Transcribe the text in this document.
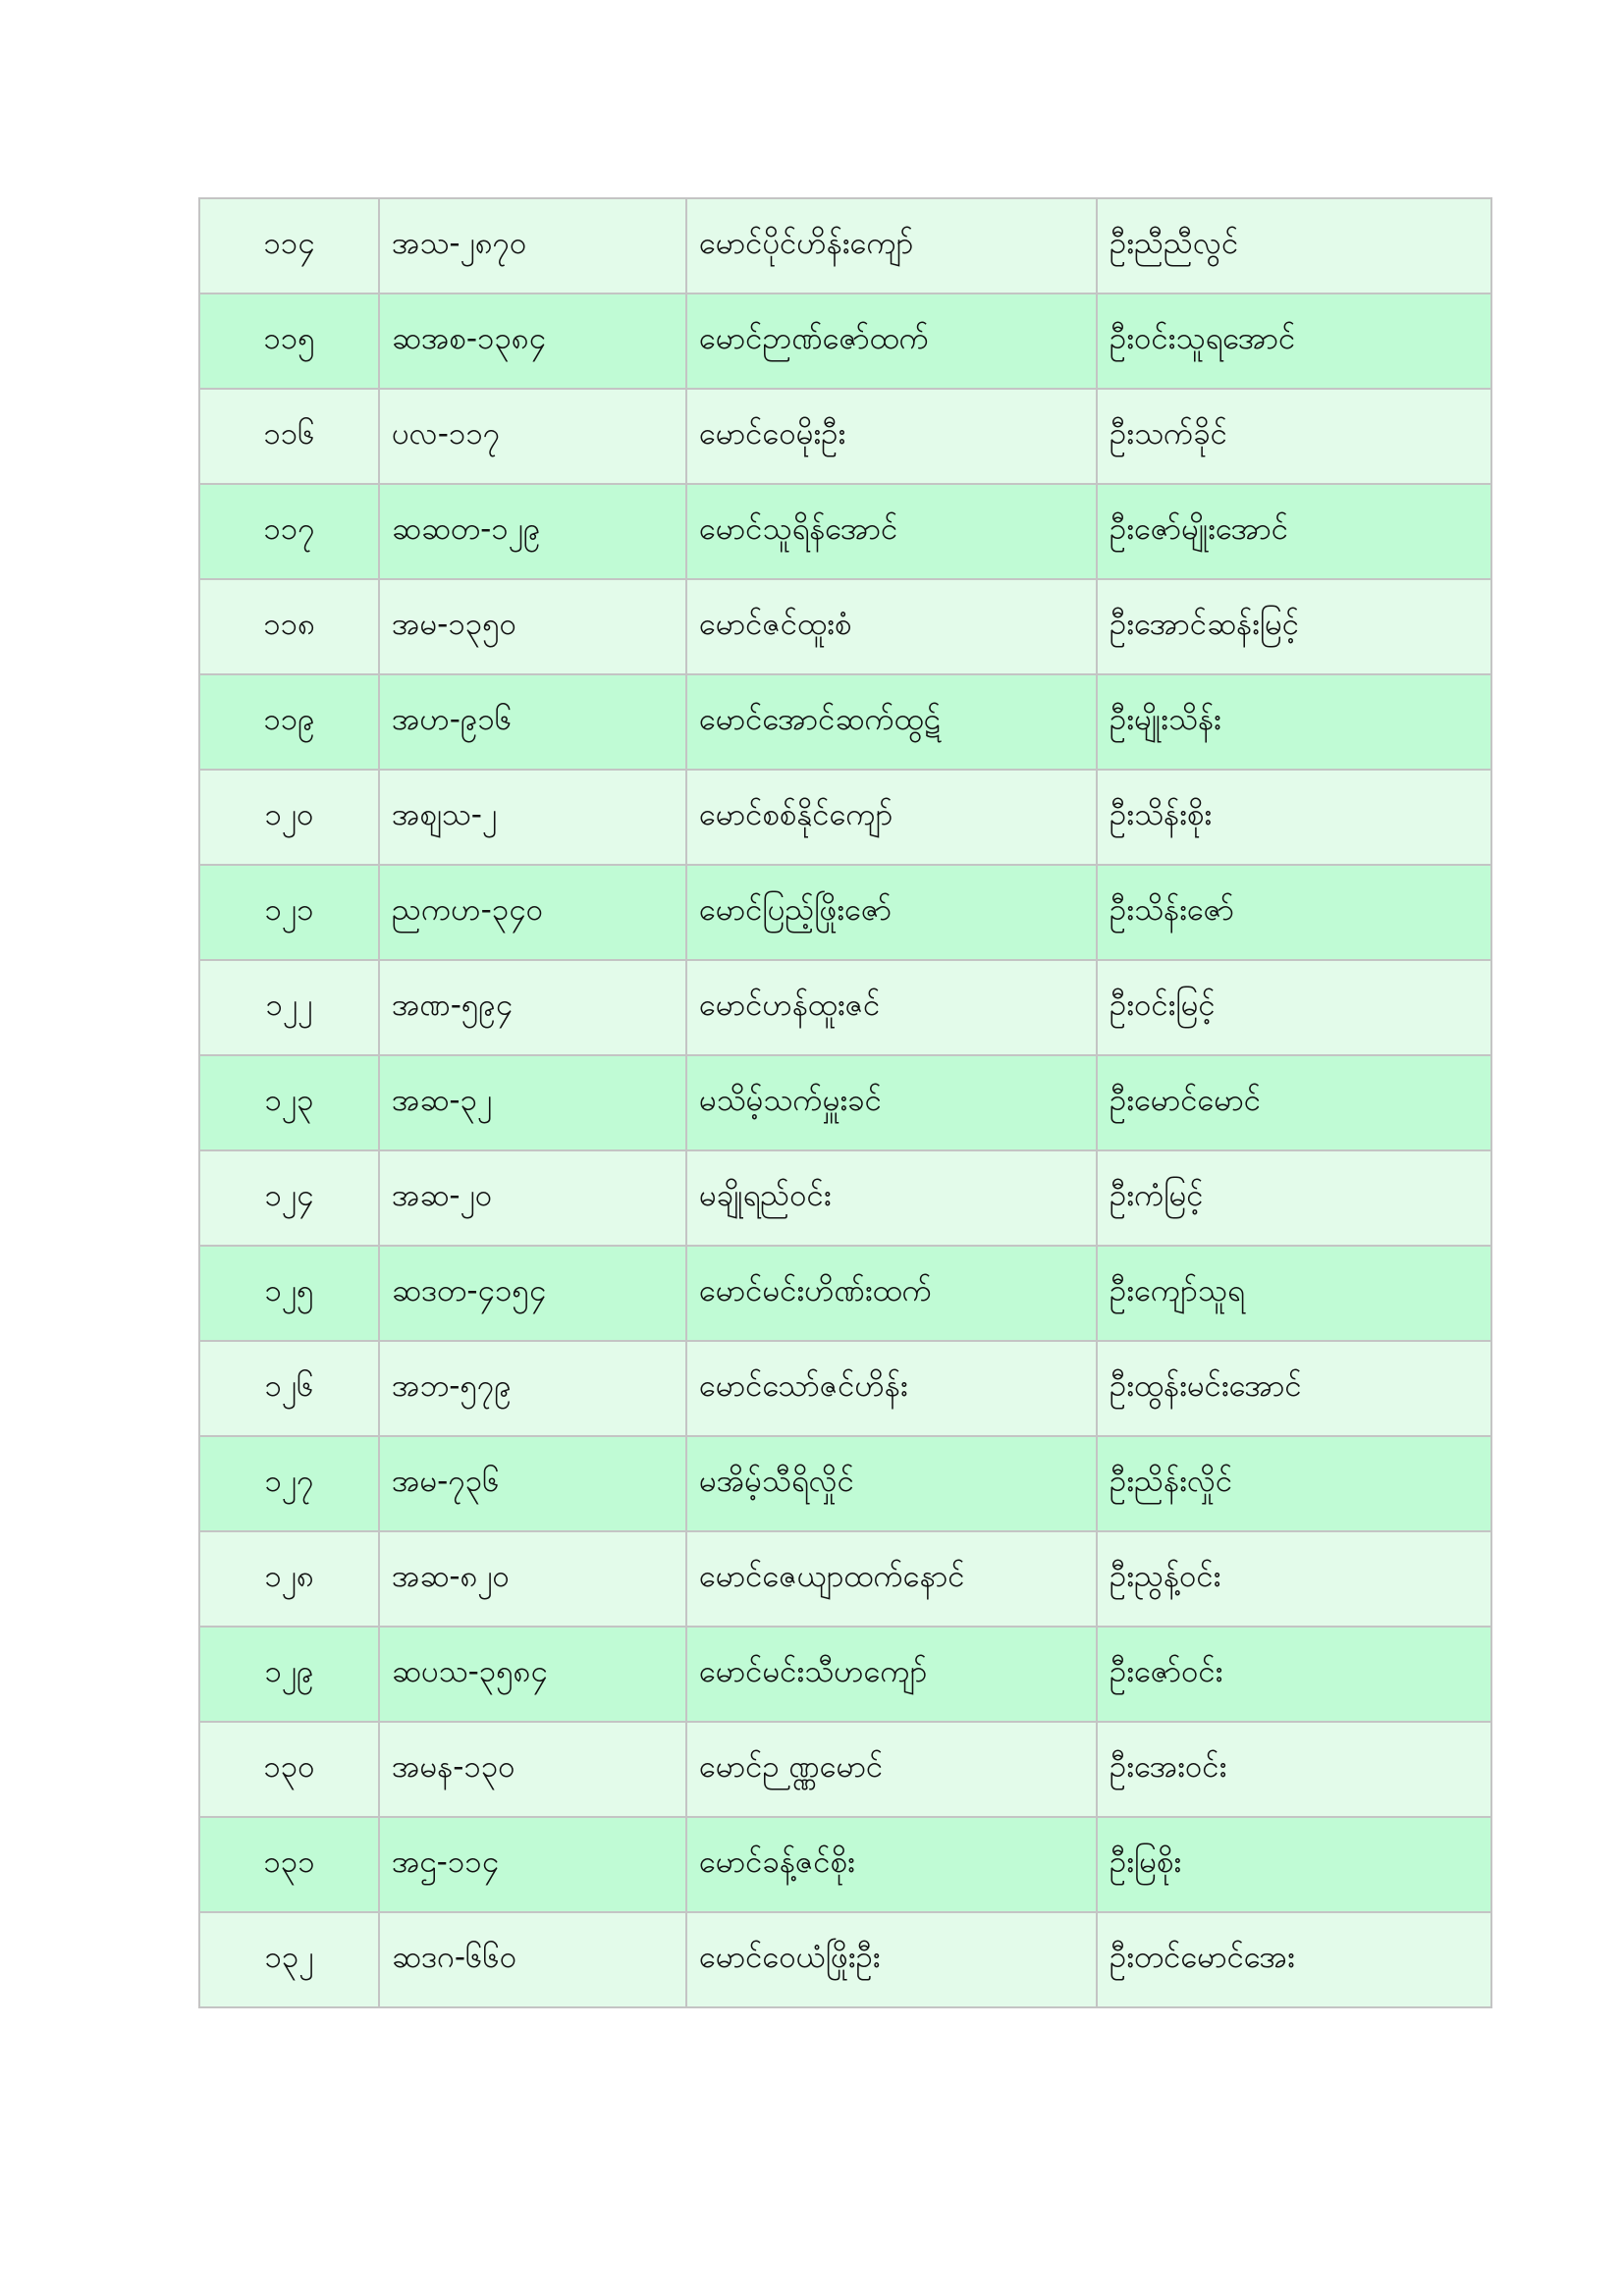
၁၁၄	အသ-၂၈၇၀	မောင်ပိုင်ဟိန်းကျော်	ဦးညီညီလွင်
၁၁၅	ဆအစ-၁၃၈၄	မောင်ဉာဏ်ဇော်ထက်	ဦးဝင်းသူရအောင်
၁၁၆	ပလ-၁၁၇	မောင်ဝေမိုးဦး	ဦးသက်ခိုင်
၁၁၇	ဆဆတ-၁၂၉	မောင်သူရိန်အောင်	ဦးဇော်မျိုးအောင်
၁၁၈	အမ-၁၃၅၀	မောင်ဇင်ထူးစံ	ဦးအောင်ဆန်းမြင့်
၁၁၉	အဟ-၉၁၆	မောင်အောင်ဆက်ထွဋ်	ဦးမျိုးသိန်း
၁၂၀	အစျသ-၂	မောင်စစ်နိုင်ကျော်	ဦးသိန်းစိုး
၁၂၁	ညကဟ-၃၄၀	မောင်ပြည့်ဖြိုးဇော်	ဦးသိန်းဇော်
၁၂၂	အဏ-၅၉၄	မောင်ဟန်ထူးဇင်	ဦးဝင်းမြင့်
၁၂၃	အဆ-၃၂	မသိမ့်သက်မှူးခင်	ဦးမောင်မောင်
၁၂၄	အဆ-၂၀	မချိုရည်ဝင်း	ဦးကံမြင့်
၁၂၅	ဆဒတ-၄၁၅၄	မောင်မင်းဟိဏ်းထက်	ဦးကျော်သူရ
၁၂၆	အဘ-၅၇၉	မောင်သော်ဇင်ဟိန်း	ဦးထွန်းမင်းအောင်
၁၂၇	အမ-၇၃၆	မအိမ့်သီရိလှိုင်	ဦးညိန်းလှိုင်
၁၂၈	အဆ-၈၂၀	မောင်ဇေယျာထက်နောင်	ဦးညွန့်ဝင်း
၁၂၉	ဆပသ-၃၅၈၄	မောင်မင်းသီဟကျော်	ဦးဇော်ဝင်း
၁၃၀	အမန-၁၃၀	မောင်ဉ ဏ္ဏမောင်	ဦးအေးဝင်း
၁၃၁	အဌ-၁၁၄	မောင်ခန့်ဇင်စိုး	ဦးမြစိုး
၁၃၂	ဆဒဂ-၆၆၀	မောင်ဝေယံဖြိုးဦး	ဦးတင်မောင်အေး
